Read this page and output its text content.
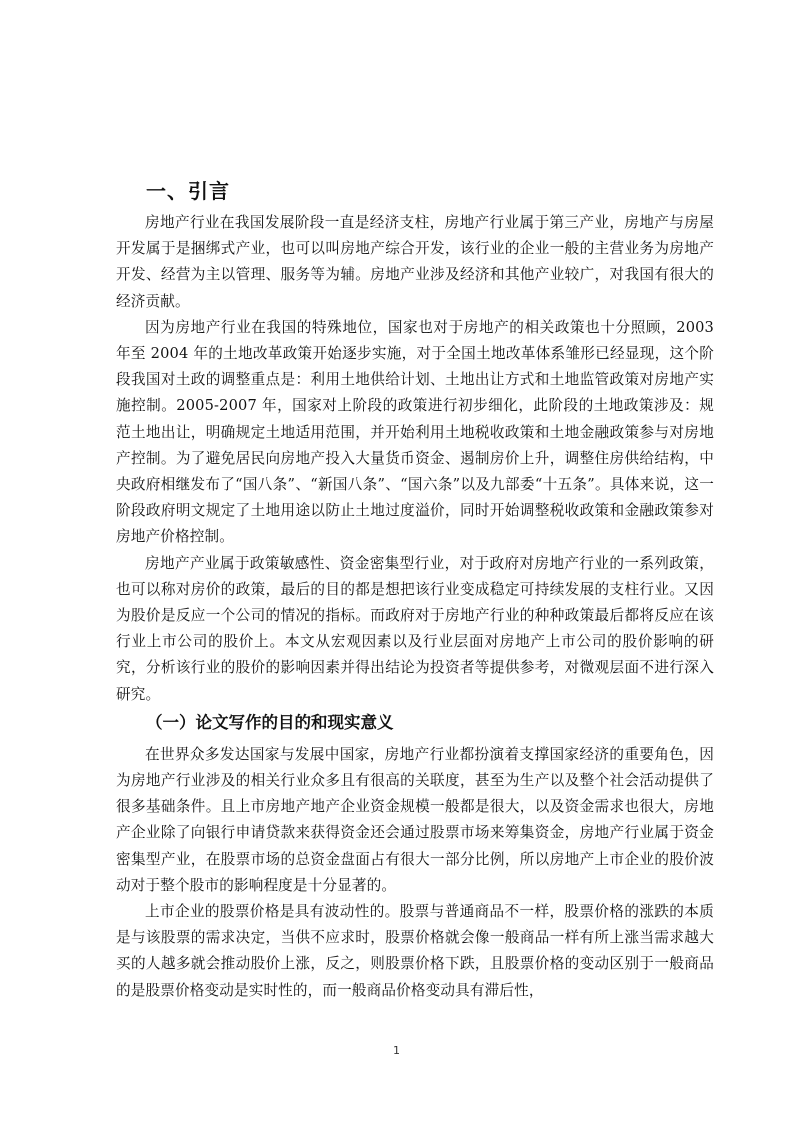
一、引言

房地产行业在我国发展阶段一直是经济支柱，房地产行业属于第三产业，房地产与房屋开发属于是捆绑式产业，也可以叫房地产综合开发，该行业的企业一般的主营业务为房地产开发、经营为主以管理、服务等为辅。房地产业涉及经济和其他产业较广，对我国有很大的经济贡献。

因为房地产行业在我国的特殊地位，国家也对于房地产的相关政策也十分照顾，2003 年至 2004 年的土地改革政策开始逐步实施，对于全国土地改革体系雏形已经显现，这个阶段我国对土政的调整重点是：利用土地供给计划、土地出让方式和土地监管政策对房地产实施控制。2005-2007 年，国家对上阶段的政策进行初步细化，此阶段的土地政策涉及：规范土地出让，明确规定土地适用范围，并开始利用土地税收政策和土地金融政策参与对房地产控制。为了避免居民向房地产投入大量货币资金、遏制房价上升，调整住房供给结构，中央政府相继发布了“国八条”、“新国八条”、“国六条”以及九部委“十五条”。具体来说，这一阶段政府明文规定了土地用途以防止土地过度溢价，同时开始调整税收政策和金融政策参对房地产价格控制。

房地产产业属于政策敏感性、资金密集型行业，对于政府对房地产行业的一系列政策，也可以称对房价的政策，最后的目的都是想把该行业变成稳定可持续发展的支柱行业。又因为股价是反应一个公司的情况的指标。而政府对于房地产行业的种种政策最后都将反应在该行业上市公司的股价上。本文从宏观因素以及行业层面对房地产上市公司的股价影响的研究，分析该行业的股价的影响因素并得出结论为投资者等提供参考，对微观层面不进行深入研究。

（一）论文写作的目的和现实意义

在世界众多发达国家与发展中国家，房地产行业都扮演着支撑国家经济的重要角色，因为房地产行业涉及的相关行业众多且有很高的关联度，甚至为生产以及整个社会活动提供了很多基础条件。且上市房地产地产企业资金规模一般都是很大，以及资金需求也很大，房地产企业除了向银行申请贷款来获得资金还会通过股票市场来筹集资金，房地产行业属于资金密集型产业，在股票市场的总资金盘面占有很大一部分比例，所以房地产上市企业的股价波动对于整个股市的影响程度是十分显著的。

上市企业的股票价格是具有波动性的。股票与普通商品不一样，股票价格的涨跌的本质是与该股票的需求决定，当供不应求时，股票价格就会像一般商品一样有所上涨当需求越大买的人越多就会推动股价上涨，反之，则股票价格下跌，且股票价格的变动区别于一般商品的是股票价格变动是实时性的，而一般商品价格变动具有滞后性，

1
